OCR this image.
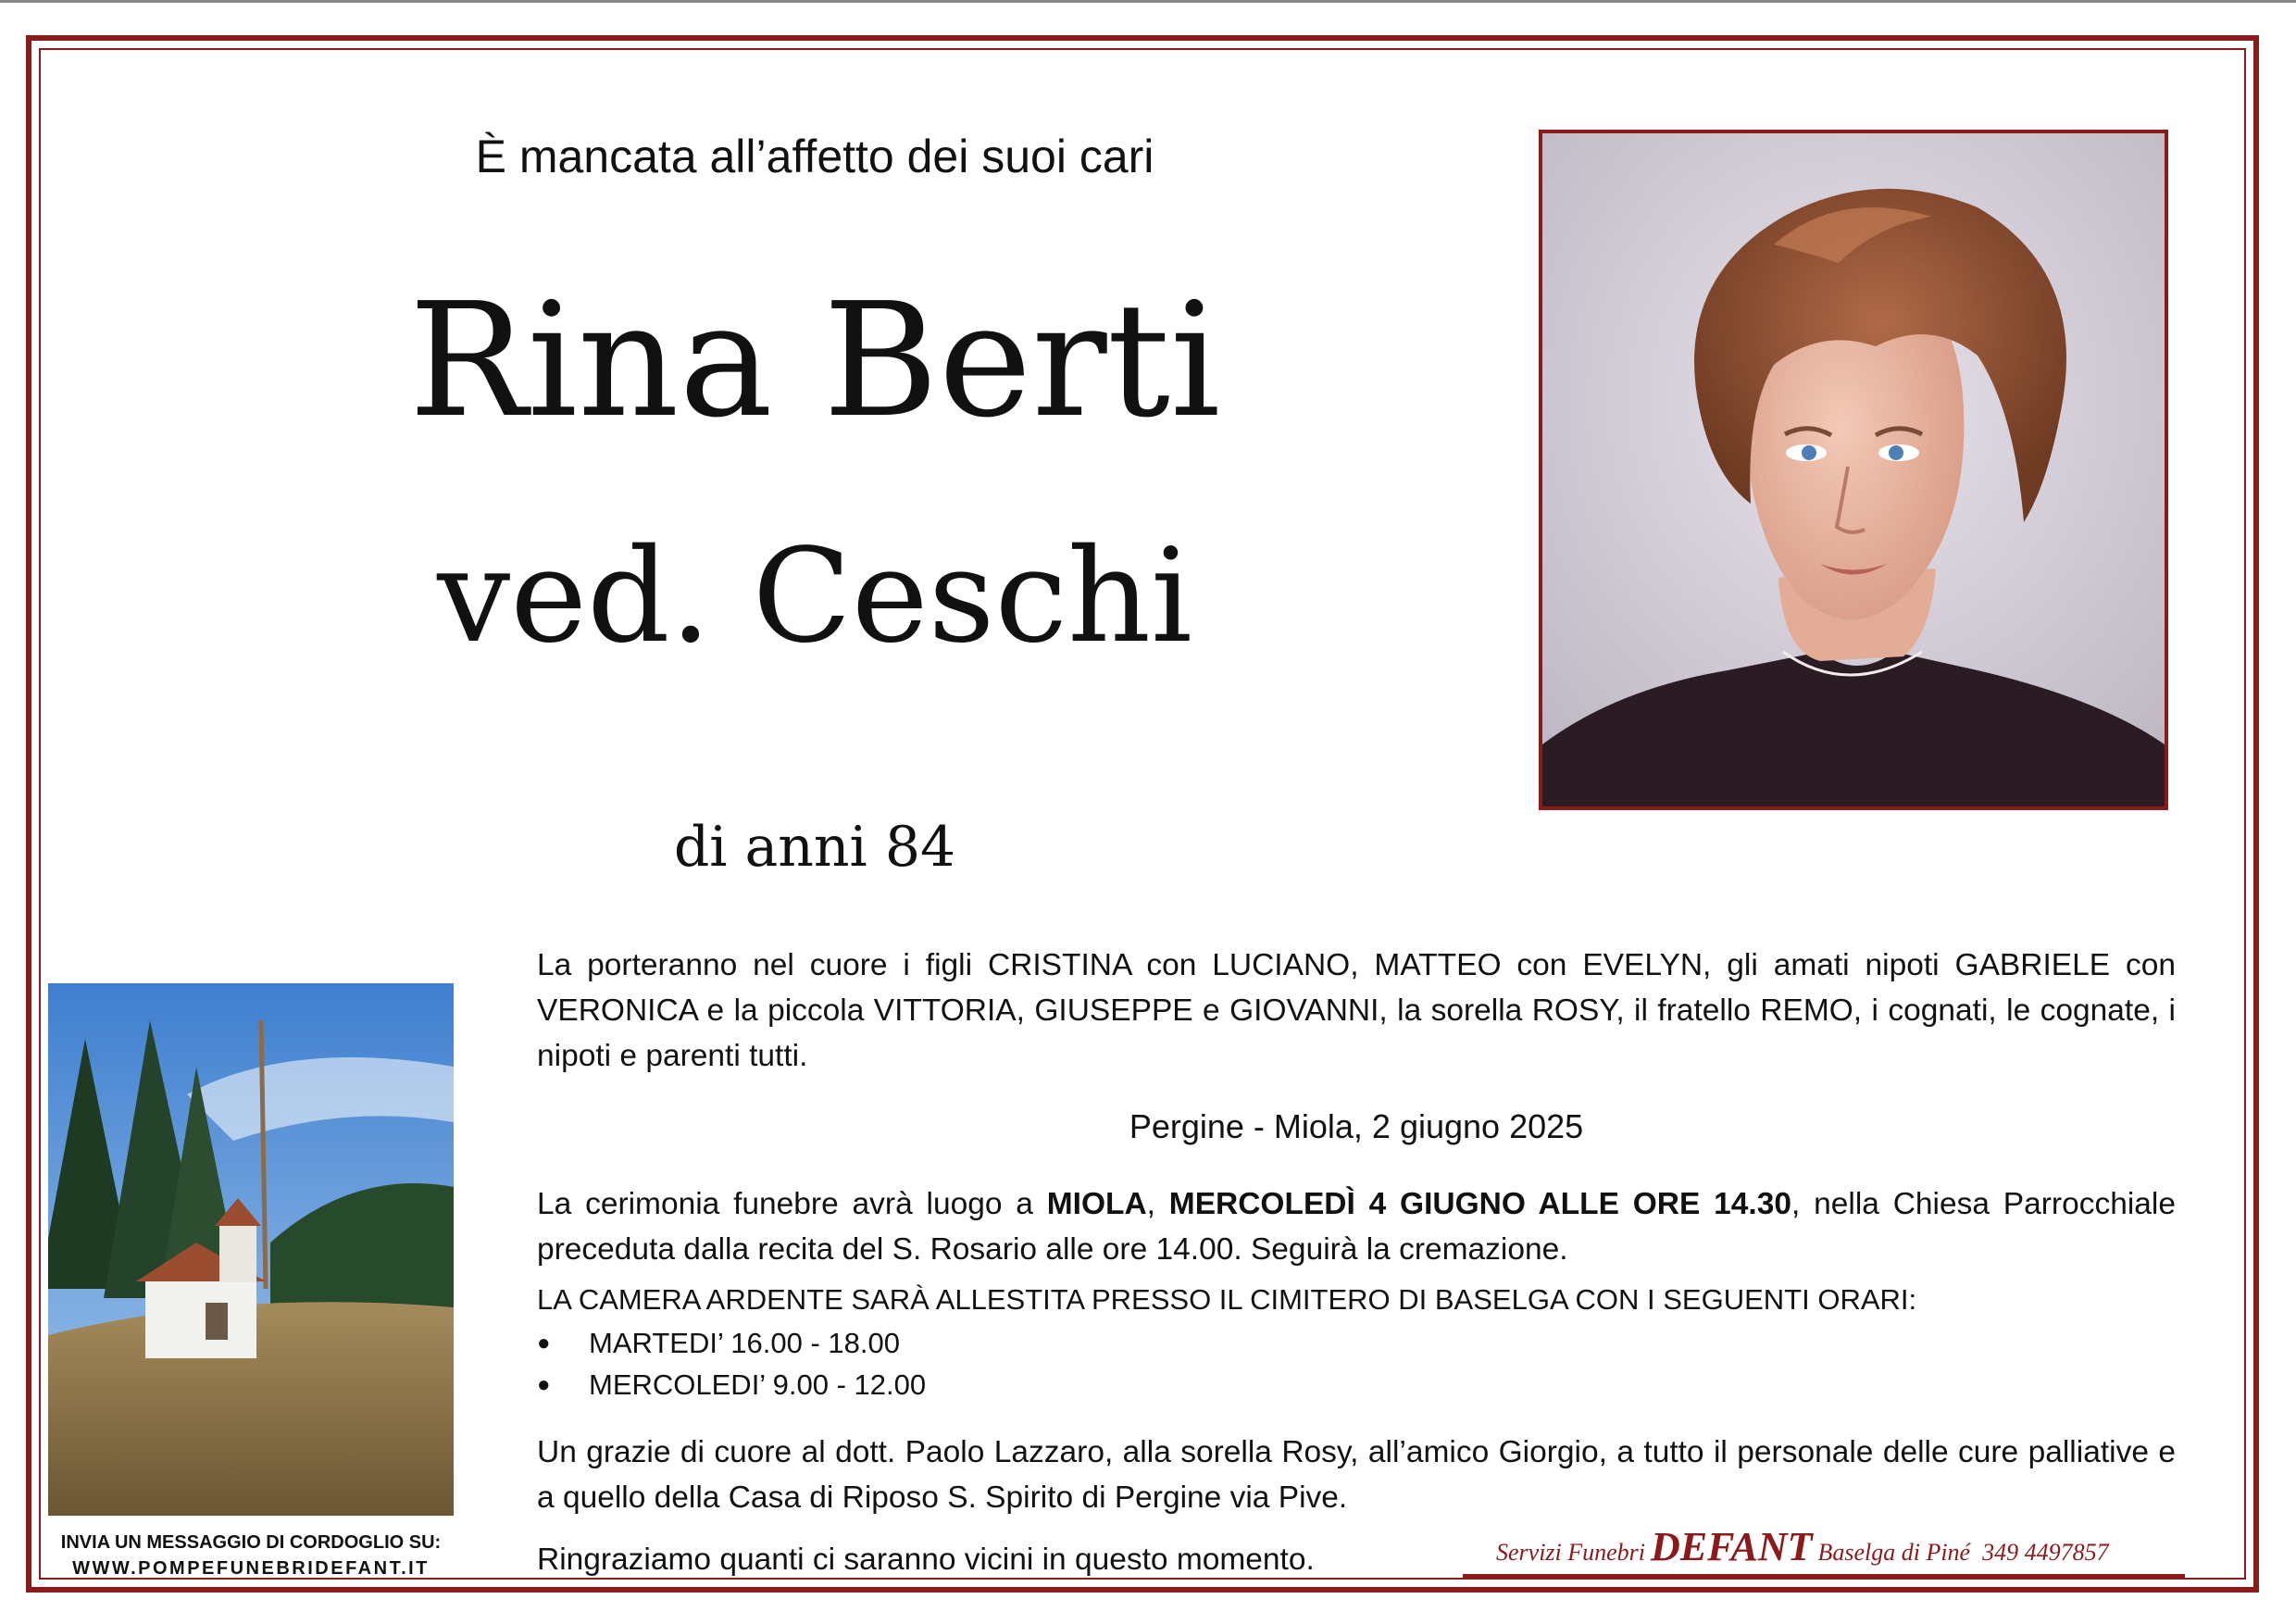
È mancata all’affetto dei suoi cari
Rina Berti
ved. Ceschi
di anni 84
INVIA UN MESSAGGIO DI CORDOGLIO SU:
WWW.POMPEFUNEBRIDEFANT.IT
La porteranno nel cuore i figli CRISTINA con LUCIANO, MATTEO con EVELYN, gli amati nipoti GABRIELE con VERONICA e la piccola VITTORIA, GIUSEPPE e GIOVANNI, la sorella ROSY, il fratello REMO, i cognati, le cognate, i nipoti e parenti tutti.
Pergine - Miola, 2 giugno 2025
La cerimonia funebre avrà luogo a MIOLA, MERCOLEDÌ 4 GIUGNO ALLE ORE 14.30, nella Chiesa Parrocchiale preceduta dalla recita del S. Rosario alle ore 14.00. Seguirà la cremazione.
LA CAMERA ARDENTE SARÀ ALLESTITA PRESSO IL CIMITERO DI BASELGA CON I SEGUENTI ORARI:
● MARTEDI’ 16.00 - 18.00
● MERCOLEDI’ 9.00 - 12.00
Un grazie di cuore al dott. Paolo Lazzaro, alla sorella Rosy, all’amico Giorgio, a tutto il personale delle cure palliative e a quello della Casa di Riposo S. Spirito di Pergine via Pive.
Ringraziamo quanti ci saranno vicini in questo momento.	Servizi Funebri DEFANT Baselga di Piné 349 4497857
